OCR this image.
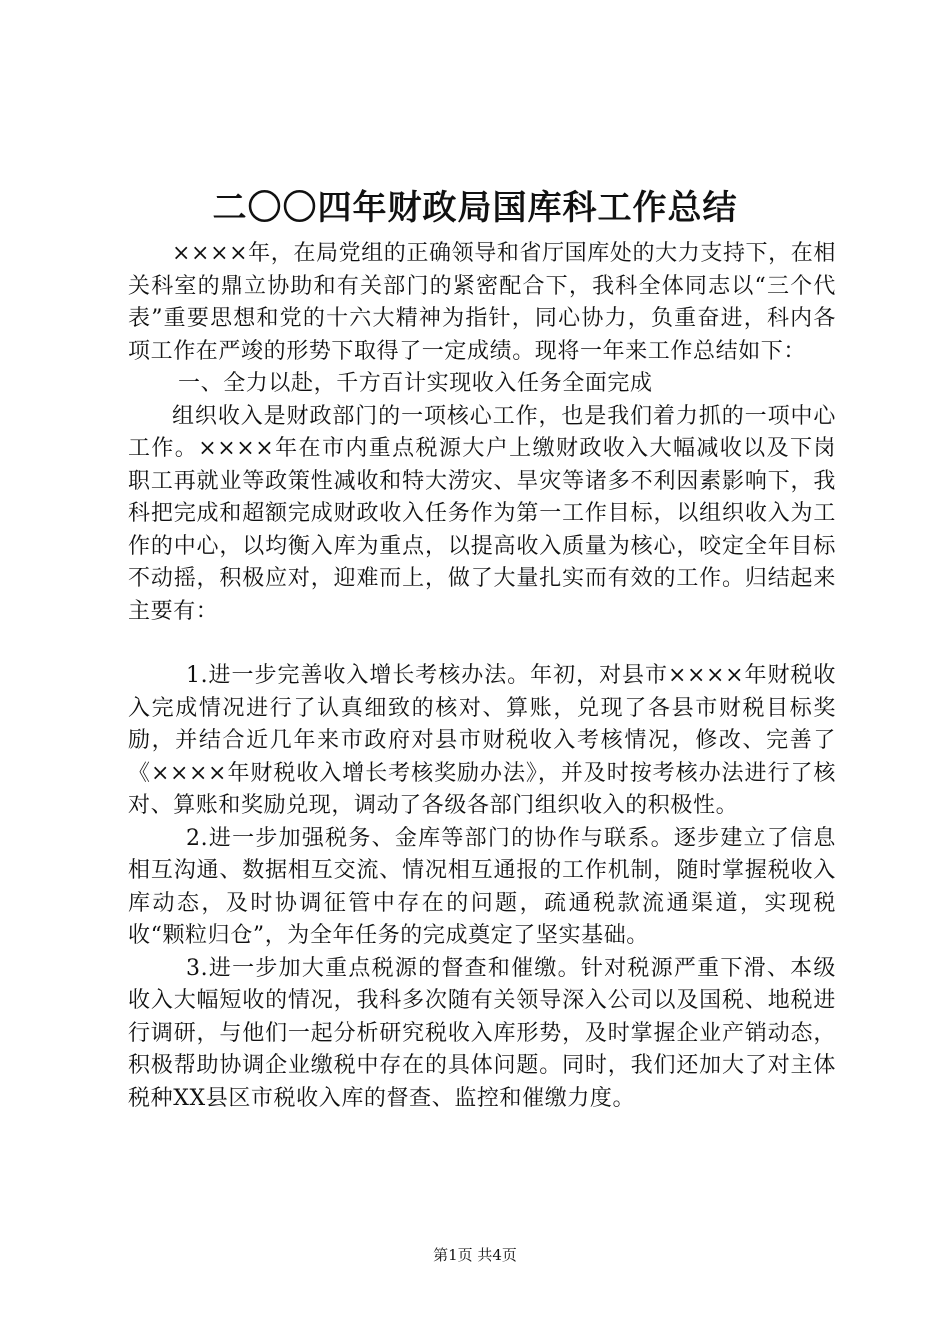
二〇〇四年财政局国库科工作总结

××××年，在局党组的正确领导和省厅国库处的大力支持下，在相关科室的鼎立协助和有关部门的紧密配合下，我科全体同志以“三个代表”重要思想和党的十六大精神为指针，同心协力，负重奋进，科内各项工作在严竣的形势下取得了一定成绩。现将一年来工作总结如下：

一、全力以赴，千方百计实现收入任务全面完成

组织收入是财政部门的一项核心工作，也是我们着力抓的一项中心工作。××××年在市内重点税源大户上缴财政收入大幅减收以及下岗职工再就业等政策性减收和特大涝灾、旱灾等诸多不利因素影响下，我科把完成和超额完成财政收入任务作为第一工作目标，以组织收入为工作的中心，以均衡入库为重点，以提高收入质量为核心，咬定全年目标不动摇，积极应对，迎难而上，做了大量扎实而有效的工作。归结起来主要有：

1.进一步完善收入增长考核办法。年初，对县市××××年财税收入完成情况进行了认真细致的核对、算账，兑现了各县市财税目标奖励，并结合近几年来市政府对县市财税收入考核情况，修改、完善了《××××年财税收入增长考核奖励办法》，并及时按考核办法进行了核对、算账和奖励兑现，调动了各级各部门组织收入的积极性。

2.进一步加强税务、金库等部门的协作与联系。逐步建立了信息相互沟通、数据相互交流、情况相互通报的工作机制，随时掌握税收入库动态，及时协调征管中存在的问题，疏通税款流通渠道，实现税收“颗粒归仓”，为全年任务的完成奠定了坚实基础。

3.进一步加大重点税源的督查和催缴。针对税源严重下滑、本级收入大幅短收的情况，我科多次随有关领导深入公司以及国税、地税进行调研，与他们一起分析研究税收入库形势，及时掌握企业产销动态，积极帮助协调企业缴税中存在的具体问题。同时，我们还加大了对主体税种XX县区市税收入库的督查、监控和催缴力度。

第1页 共4页
